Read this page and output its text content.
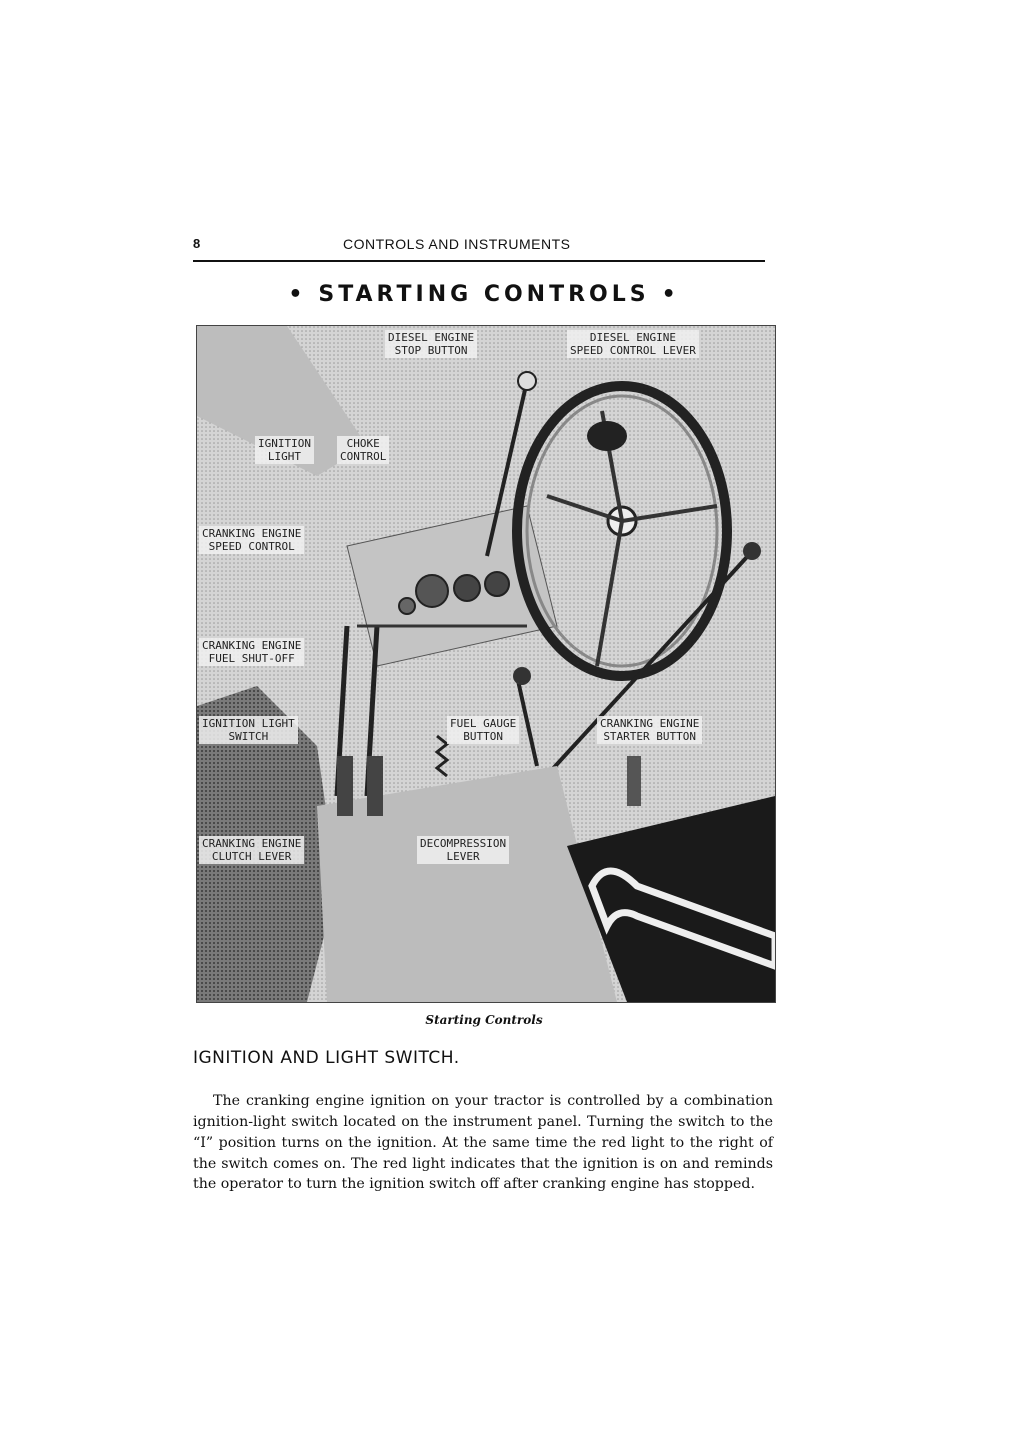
8	CONTROLS AND INSTRUMENTS
• STARTING CONTROLS •
DIESEL ENGINE
STOP BUTTON
DIESEL ENGINE
SPEED CONTROL LEVER
IGNITION
LIGHT
CHOKE
CONTROL
CRANKING ENGINE
SPEED CONTROL
CRANKING ENGINE
FUEL SHUT-OFF
IGNITION LIGHT
SWITCH
FUEL GAUGE
BUTTON
CRANKING ENGINE
STARTER BUTTON
CRANKING ENGINE
CLUTCH LEVER
DECOMPRESSION
LEVER
Starting Controls
IGNITION AND LIGHT SWITCH.

The cranking engine ignition on your tractor is controlled by a combination ignition-light switch located on the instrument panel. Turning the switch to the “I” position turns on the ignition. At the same time the red light to the right of the switch comes on. The red light indicates that the ignition is on and reminds the operator to turn the ignition switch off after cranking engine has stopped.
